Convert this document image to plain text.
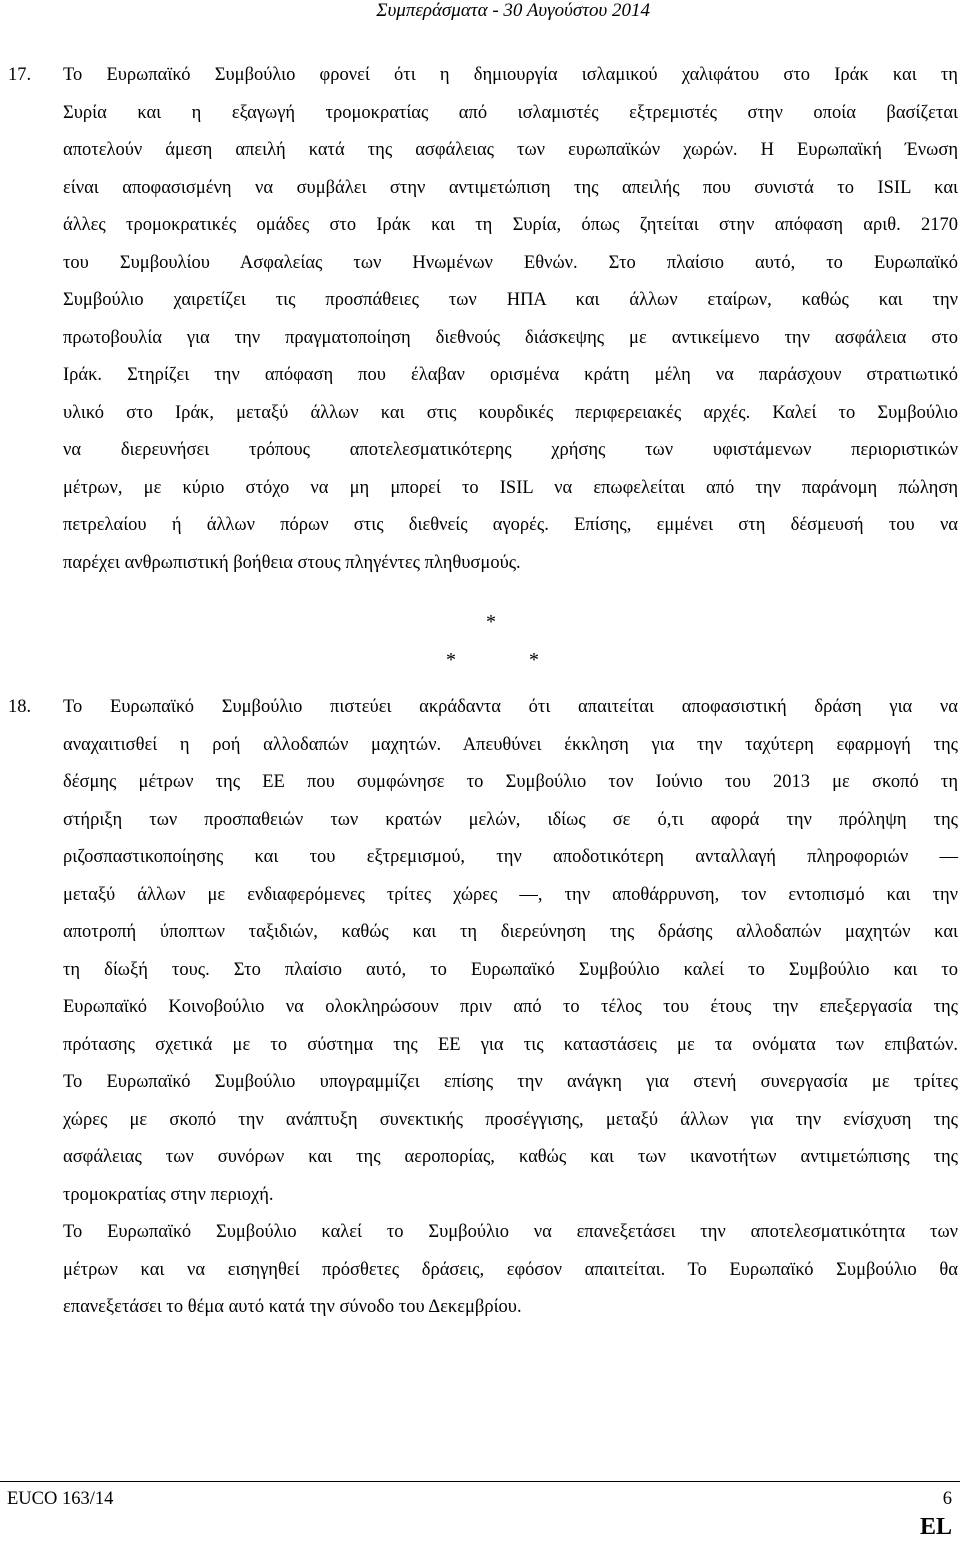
Συμπεράσματα - 30 Αυγούστου 2014
17. Το Ευρωπαϊκό Συμβούλιο φρονεί ότι η δημιουργία ισλαμικού χαλιφάτου στο Ιράκ και τη
Συρία και η εξαγωγή τρομοκρατίας από ισλαμιστές εξτρεμιστές στην οποία βασίζεται
αποτελούν άμεση απειλή κατά της ασφάλειας των ευρωπαϊκών χωρών. Η Ευρωπαϊκή Ένωση
είναι αποφασισμένη να συμβάλει στην αντιμετώπιση της απειλής που συνιστά το ISIL και
άλλες τρομοκρατικές ομάδες στο Ιράκ και τη Συρία, όπως ζητείται στην απόφαση αριθ. 2170
του Συμβουλίου Ασφαλείας των Ηνωμένων Εθνών. Στο πλαίσιο αυτό, το Ευρωπαϊκό
Συμβούλιο χαιρετίζει τις προσπάθειες των ΗΠΑ και άλλων εταίρων, καθώς και την
πρωτοβουλία για την πραγματοποίηση διεθνούς διάσκεψης με αντικείμενο την ασφάλεια στο
Ιράκ. Στηρίζει την απόφαση που έλαβαν ορισμένα κράτη μέλη να παράσχουν στρατιωτικό
υλικό στο Ιράκ, μεταξύ άλλων και στις κουρδικές περιφερειακές αρχές. Καλεί το Συμβούλιο
να διερευνήσει τρόπους αποτελεσματικότερης χρήσης των υφιστάμενων περιοριστικών
μέτρων, με κύριο στόχο να μη μπορεί το ISIL να επωφελείται από την παράνομη πώληση
πετρελαίου ή άλλων πόρων στις διεθνείς αγορές. Επίσης, εμμένει στη δέσμευσή του να
παρέχει ανθρωπιστική βοήθεια στους πληγέντες πληθυσμούς.
*
*	*
18. Το Ευρωπαϊκό Συμβούλιο πιστεύει ακράδαντα ότι απαιτείται αποφασιστική δράση για να
αναχαιτισθεί η ροή αλλοδαπών μαχητών. Απευθύνει έκκληση για την ταχύτερη εφαρμογή της
δέσμης μέτρων της ΕΕ που συμφώνησε το Συμβούλιο τον Ιούνιο του 2013 με σκοπό τη
στήριξη των προσπαθειών των κρατών μελών, ιδίως σε ό,τι αφορά την πρόληψη της
ριζοσπαστικοποίησης και του εξτρεμισμού, την αποδοτικότερη ανταλλαγή πληροφοριών —
μεταξύ άλλων με ενδιαφερόμενες τρίτες χώρες —, την αποθάρρυνση, τον εντοπισμό και την
αποτροπή ύποπτων ταξιδιών, καθώς και τη διερεύνηση της δράσης αλλοδαπών μαχητών και
τη δίωξή τους. Στο πλαίσιο αυτό, το Ευρωπαϊκό Συμβούλιο καλεί το Συμβούλιο και το
Ευρωπαϊκό Κοινοβούλιο να ολοκληρώσουν πριν από το τέλος του έτους την επεξεργασία της
πρότασης σχετικά με το σύστημα της ΕΕ για τις καταστάσεις με τα ονόματα των επιβατών.
Το Ευρωπαϊκό Συμβούλιο υπογραμμίζει επίσης την ανάγκη για στενή συνεργασία με τρίτες
χώρες με σκοπό την ανάπτυξη συνεκτικής προσέγγισης, μεταξύ άλλων για την ενίσχυση της
ασφάλειας των συνόρων και της αεροπορίας, καθώς και των ικανοτήτων αντιμετώπισης της
τρομοκρατίας στην περιοχή.
Το Ευρωπαϊκό Συμβούλιο καλεί το Συμβούλιο να επανεξετάσει την αποτελεσματικότητα των
μέτρων και να εισηγηθεί πρόσθετες δράσεις, εφόσον απαιτείται. Το Ευρωπαϊκό Συμβούλιο θα
επανεξετάσει το θέμα αυτό κατά την σύνοδο του Δεκεμβρίου.
EUCO 163/14	6
EL
